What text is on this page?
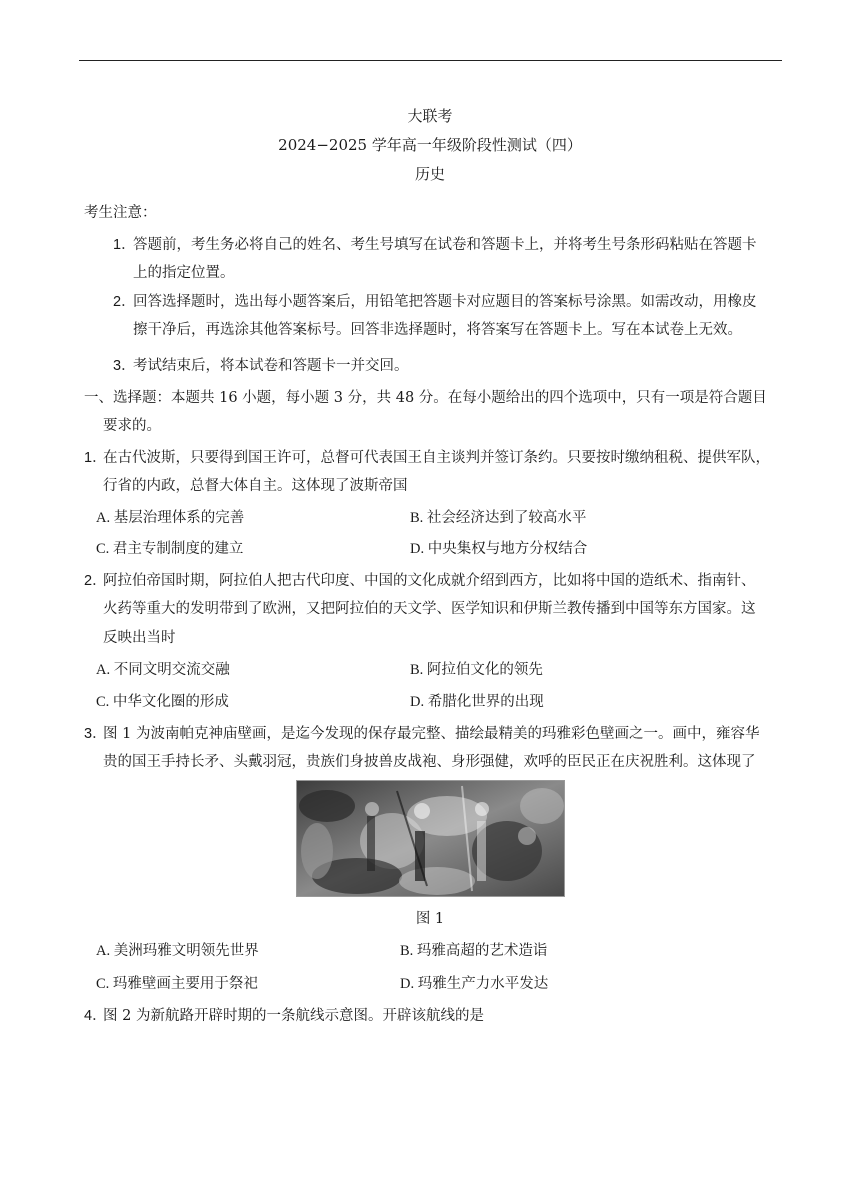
大联考
2024−2025 学年高一年级阶段性测试（四）
历史
考生注意：
1．
答题前，考生务必将自己的姓名、考生号填写在试卷和答题卡上，并将考生号条形码粘贴在答题卡
上的指定位置。
2．
回答选择题时，选出每小题答案后，用铅笔把答题卡对应题目的答案标号涂黑。如需改动，用橡皮
擦干净后，再选涂其他答案标号。回答非选择题时，将答案写在答题卡上。写在本试卷上无效。
3．
考试结束后，将本试卷和答题卡一并交回。
一、选择题：本题共 16 小题，每小题 3 分，共 48 分。在每小题给出的四个选项中，只有一项是符合题目
要求的。
1．
在古代波斯，只要得到国王许可，总督可代表国王自主谈判并签订条约。只要按时缴纳租税、提供军队，
行省的内政，总督大体自主。这体现了波斯帝国
A. 基层治理体系的完善	B. 社会经济达到了较高水平
C. 君主专制制度的建立	D. 中央集权与地方分权结合
2．
阿拉伯帝国时期，阿拉伯人把古代印度、中国的文化成就介绍到西方，比如将中国的造纸术、指南针、
火药等重大的发明带到了欧洲，又把阿拉伯的天文学、医学知识和伊斯兰教传播到中国等东方国家。这
反映出当时
A. 不同文明交流交融	B. 阿拉伯文化的领先
C. 中华文化圈的形成	D. 希腊化世界的出现
3．
图 1 为波南帕克神庙壁画，是迄今发现的保存最完整、描绘最精美的玛雅彩色壁画之一。画中，雍容华
贵的国王手持长矛、头戴羽冠，贵族们身披兽皮战袍、身形强健，欢呼的臣民正在庆祝胜利。这体现了
图 1
A. 美洲玛雅文明领先世界	B. 玛雅高超的艺术造诣
C. 玛雅壁画主要用于祭祀	D. 玛雅生产力水平发达
4．
图 2 为新航路开辟时期的一条航线示意图。开辟该航线的是
